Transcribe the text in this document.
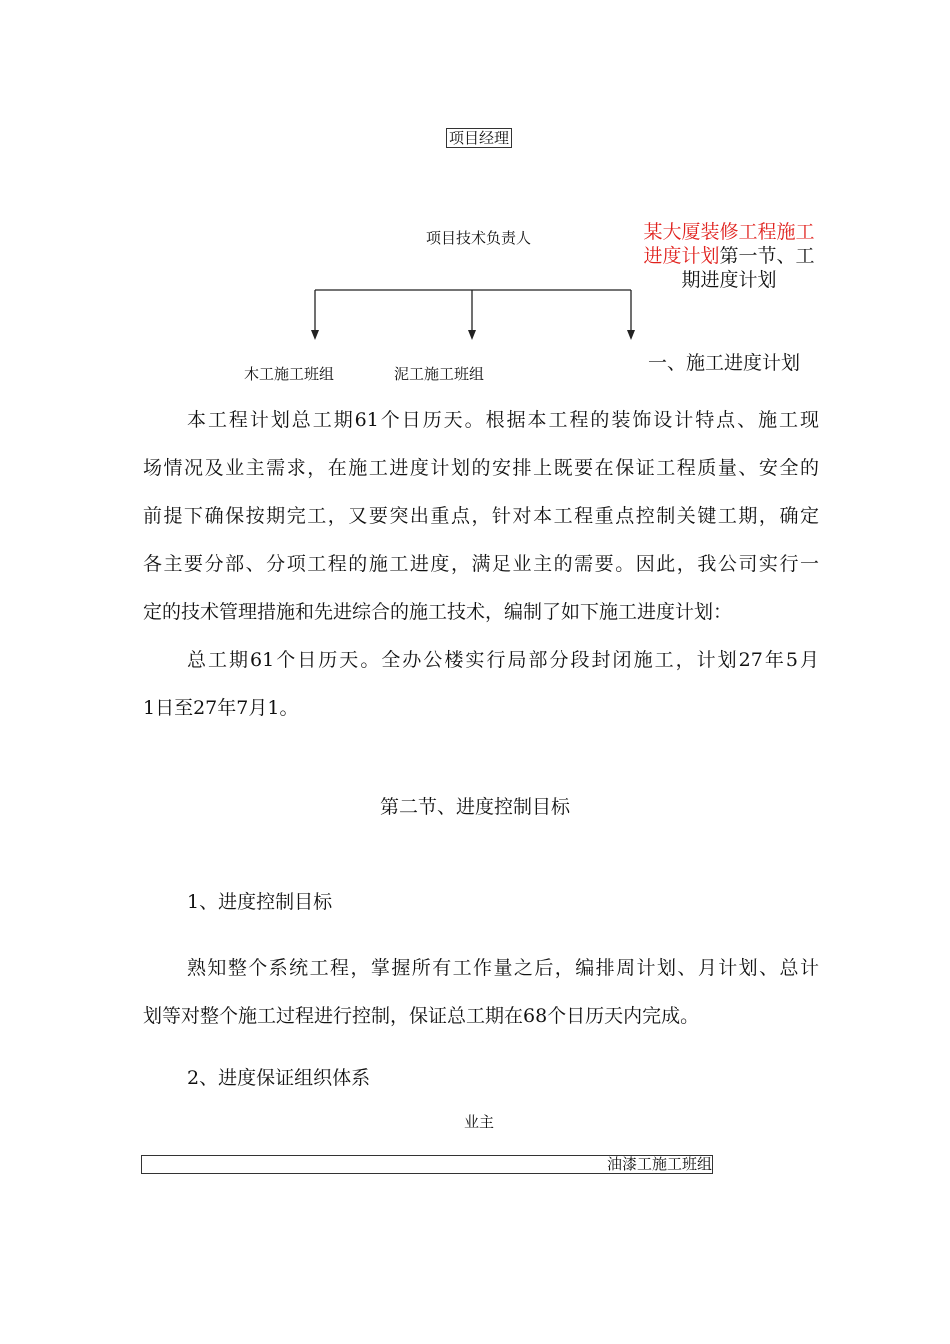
项目经理
项目技术负责人
木工施工班组	泥工施工班组
某大厦装修工程施工进度计划第一节、工期进度计划
一、施工进度计划

本工程计划总工期61个日历天。根据本工程的装饰设计特点、施工现

场情况及业主需求，在施工进度计划的安排上既要在保证工程质量、安全的

前提下确保按期完工，又要突出重点，针对本工程重点控制关键工期，确定

各主要分部、分项工程的施工进度，满足业主的需要。因此，我公司实行一

定的技术管理措施和先进综合的施工技术，编制了如下施工进度计划：

总工期61个日历天。全办公楼实行局部分段封闭施工，计划27年5月

1日至27年7月1。

第二节、进度控制目标
1、进度控制目标

熟知整个系统工程，掌握所有工作量之后，编排周计划、月计划、总计

划等对整个施工过程进行控制，保证总工期在68个日历天内完成。

2、进度保证组织体系
业主
油漆工施工班组
